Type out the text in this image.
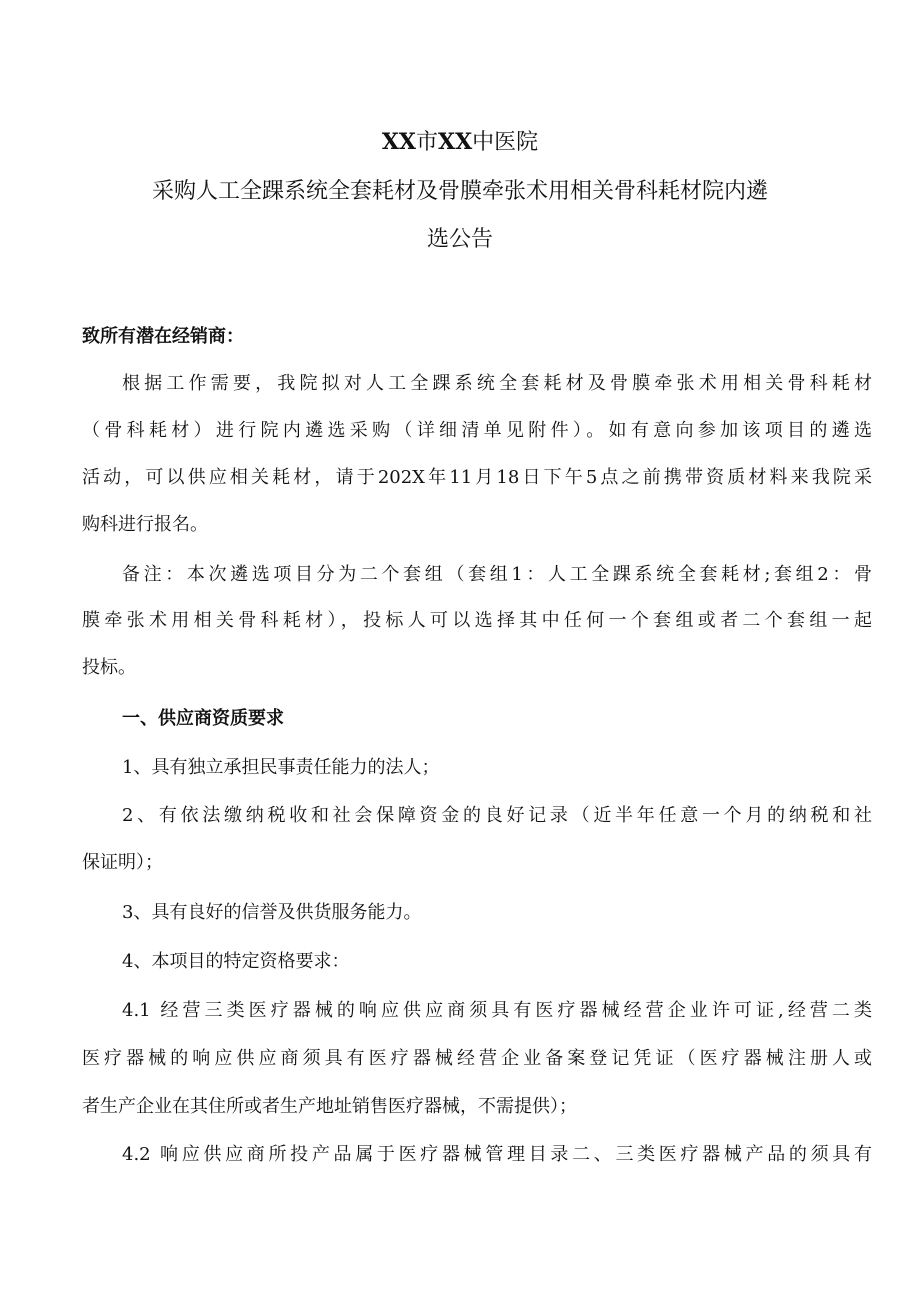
XX市XX中医院
采购人工全踝系统全套耗材及骨膜牵张术用相关骨科耗材院内遴
选公告
致所有潜在经销商：
根据工作需要，我院拟对人工全踝系统全套耗材及骨膜牵张术用相关骨科耗材
（骨科耗材）进行院内遴选采购（详细清单见附件）。如有意向参加该项目的遴选
活动，可以供应相关耗材，请于202X年11月18日下午5点之前携带资质材料来我院采
购科进行报名。
备注：本次遴选项目分为二个套组（套组1：人工全踝系统全套耗材;套组2：骨
膜牵张术用相关骨科耗材），投标人可以选择其中任何一个套组或者二个套组一起
投标。
一、供应商资质要求
1、具有独立承担民事责任能力的法人；
2、有依法缴纳税收和社会保障资金的良好记录（近半年任意一个月的纳税和社
保证明）；
3、具有良好的信誉及供货服务能力。
4、本项目的特定资格要求：
4.1 经营三类医疗器械的响应供应商须具有医疗器械经营企业许可证,经营二类
医疗器械的响应供应商须具有医疗器械经营企业备案登记凭证（医疗器械注册人或
者生产企业在其住所或者生产地址销售医疗器械，不需提供）；
4.2 响应供应商所投产品属于医疗器械管理目录二、三类医疗器械产品的须具有
